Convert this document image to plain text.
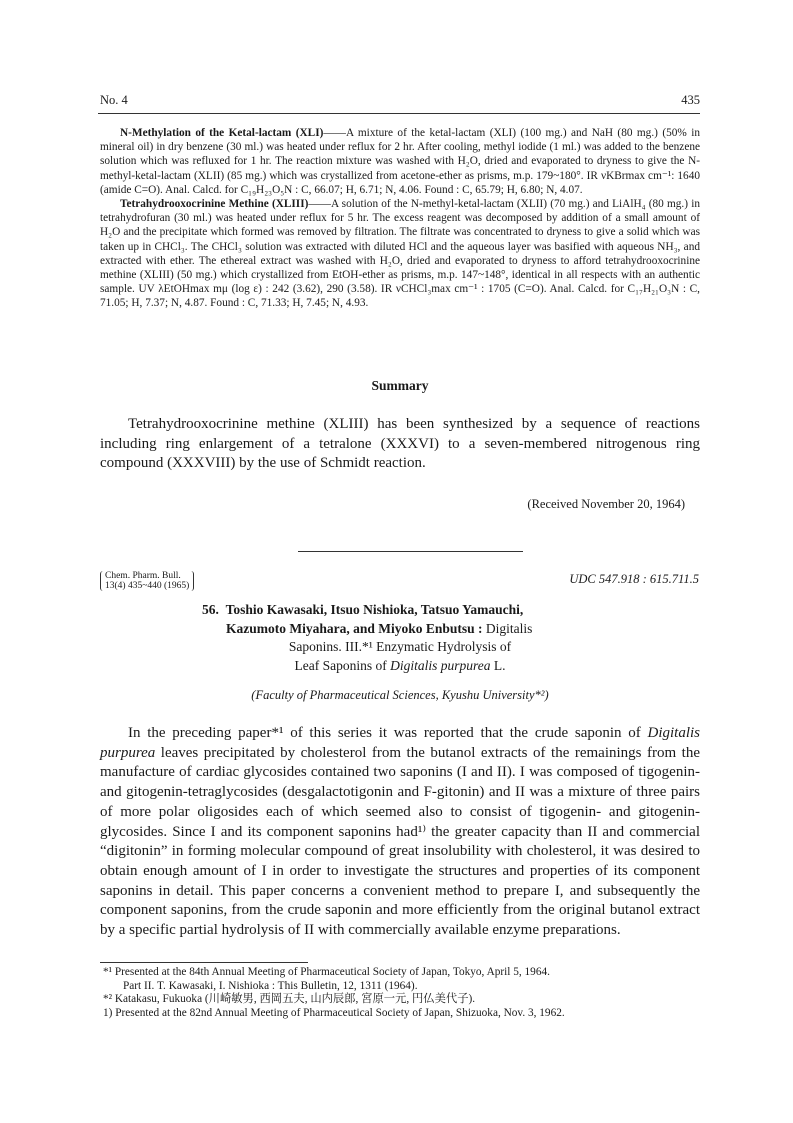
No. 4	435

N-Methylation of the Ketal-lactam (XLI)——A mixture of the ketal-lactam (XLI) (100 mg.) and NaH (80 mg.) (50% in mineral oil) in dry benzene (30 ml.) was heated under reflux for 2 hr. After cooling, methyl iodide (1 ml.) was added to the benzene solution which was refluxed for 1 hr. The reaction mixture was washed with H₂O, dried and evaporated to dryness to give the N-methyl-ketal-lactam (XLII) (85 mg.) which was crystallized from acetone-ether as prisms, m.p. 179~180°. IR νKBrmax cm⁻¹: 1640 (amide C=O). Anal. Calcd. for C₁₉H₂₃O₅N : C, 66.07; H, 6.71; N, 4.06. Found : C, 65.79; H, 6.80; N, 4.07.

Tetrahydrooxocrinine Methine (XLIII)——A solution of the N-methyl-ketal-lactam (XLII) (70 mg.) and LiAlH₄ (80 mg.) in tetrahydrofuran (30 ml.) was heated under reflux for 5 hr. The excess reagent was decomposed by addition of a small amount of H₂O and the precipitate which formed was removed by filtration. The filtrate was concentrated to dryness to give a solid which was taken up in CHCl₃. The CHCl₃ solution was extracted with diluted HCl and the aqueous layer was basified with aqueous NH₃, and extracted with ether. The ethereal extract was washed with H₂O, dried and evaporated to dryness to afford tetrahydrooxocrinine methine (XLIII) (50 mg.) which crystallized from EtOH-ether as prisms, m.p. 147~148°, identical in all respects with an authentic sample. UV λEtOHmax mμ (log ε) : 242 (3.62), 290 (3.58). IR νCHCl₃max cm⁻¹ : 1705 (C=O). Anal. Calcd. for C₁₇H₂₁O₃N : C, 71.05; H, 7.37; N, 4.87. Found : C, 71.33; H, 7.45; N, 4.93.

Summary

Tetrahydrooxocrinine methine (XLIII) has been synthesized by a sequence of reactions including ring enlargement of a tetralone (XXXVI) to a seven-membered nitrogenous ring compound (XXXVIII) by the use of Schmidt reaction.

(Received November 20, 1964)
Chem. Pharm. Bull.
13(4) 435~440 (1965)	UDC 547.918 : 615.711.5
56. Toshio Kawasaki, Itsuo Nishioka, Tatsuo Yamauchi,
Kazumoto Miyahara, and Miyoko Enbutsu : Digitalis
Saponins. III.*¹ Enzymatic Hydrolysis of
Leaf Saponins of Digitalis purpurea L.
(Faculty of Pharmaceutical Sciences, Kyushu University*²)

In the preceding paper*¹ of this series it was reported that the crude saponin of Digitalis purpurea leaves precipitated by cholesterol from the butanol extracts of the remainings from the manufacture of cardiac glycosides contained two saponins (I and II). I was composed of tigogenin- and gitogenin-tetraglycosides (desgalactotigonin and F-gitonin) and II was a mixture of three pairs of more polar oligosides each of which seemed also to consist of tigogenin- and gitogenin-glycosides. Since I and its component saponins had¹⁾ the greater capacity than II and commercial “digitonin” in forming molecular compound of great insolubility with cholesterol, it was desired to obtain enough amount of I in order to investigate the structures and properties of its component saponins in detail. This paper concerns a convenient method to prepare I, and subsequently the component saponins, from the crude saponin and more efficiently from the original butanol extract by a specific partial hydrolysis of II with commercially available enzyme preparations.

*¹ Presented at the 84th Annual Meeting of Pharmaceutical Society of Japan, Tokyo, April 5, 1964.
Part II. T. Kawasaki, I. Nishioka : This Bulletin, 12, 1311 (1964).
*² Katakasu, Fukuoka (川崎敏男, 西岡五夫, 山内辰郎, 宮原一元, 円仏美代子).
1) Presented at the 82nd Annual Meeting of Pharmaceutical Society of Japan, Shizuoka, Nov. 3, 1962.
